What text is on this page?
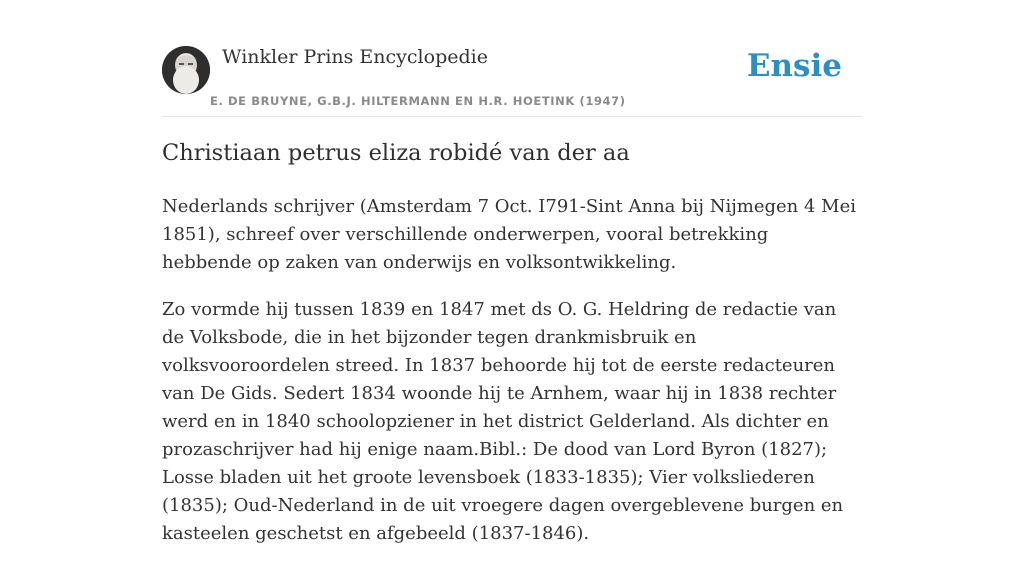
Winkler Prins Encyclopedie
E. DE BRUYNE, G.B.J. HILTERMANN EN H.R. HOETINK (1947)
Ensie
Christiaan petrus eliza robidé van der aa

Nederlands schrijver (Amsterdam 7 Oct. I791-Sint Anna bij Nijmegen 4 Mei 1851), schreef over verschillende onderwerpen, vooral betrekking hebbende op zaken van onderwijs en volksontwikkeling.

Zo vormde hij tussen 1839 en 1847 met ds O. G. Heldring de redactie van de Volksbode, die in het bijzonder tegen drankmisbruik en volksvooroordelen streed. In 1837 behoorde hij tot de eerste redacteuren van De Gids. Sedert 1834 woonde hij te Arnhem, waar hij in 1838 rechter werd en in 1840 schoolopziener in het district Gelderland. Als dichter en prozaschrijver had hij enige naam.Bibl.: De dood van Lord Byron (1827); Losse bladen uit het groote levensboek (1833-1835); Vier volksliederen (1835); Oud-Nederland in de uit vroegere dagen overgeblevene burgen en kasteelen geschetst en afgebeeld (1837-1846).
